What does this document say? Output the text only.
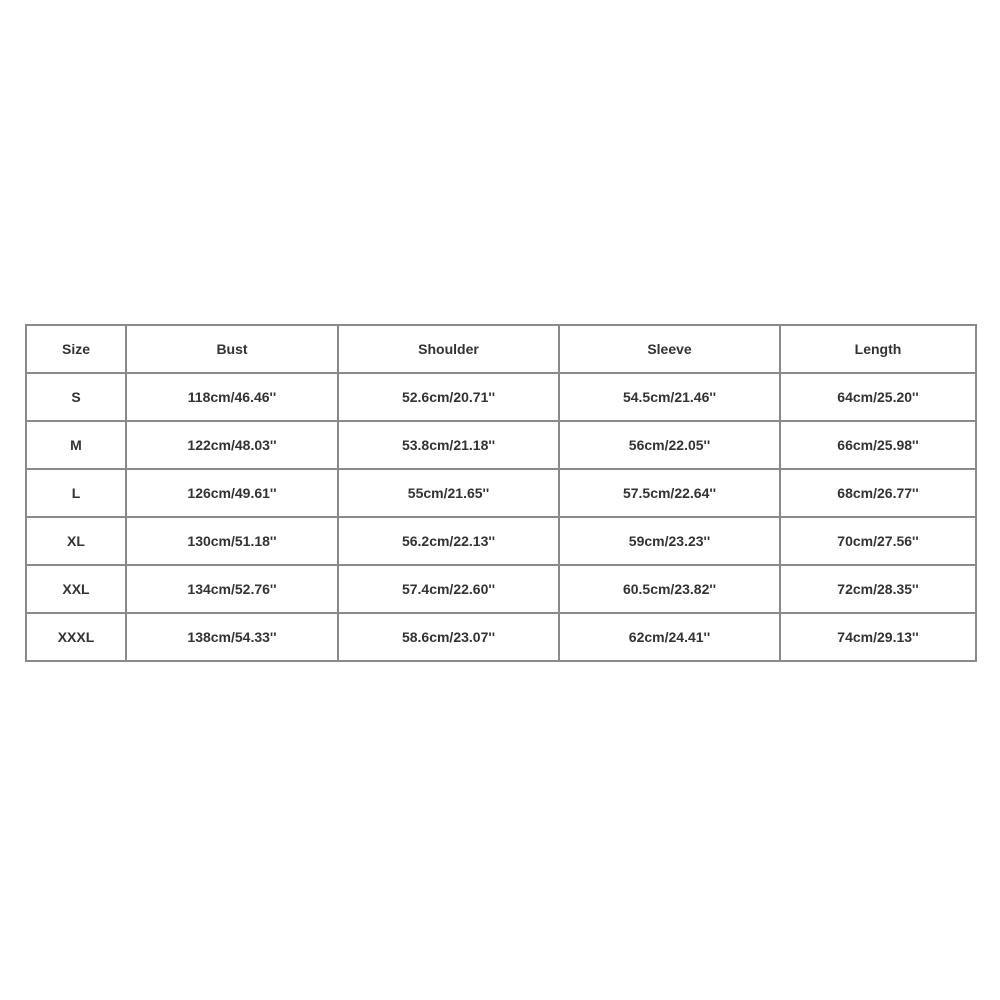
Size	Bust	Shoulder	Sleeve	Length
S	118cm/46.46''	52.6cm/20.71''	54.5cm/21.46''	64cm/25.20''
M	122cm/48.03''	53.8cm/21.18''	56cm/22.05''	66cm/25.98''
L	126cm/49.61''	55cm/21.65''	57.5cm/22.64''	68cm/26.77''
XL	130cm/51.18''	56.2cm/22.13''	59cm/23.23''	70cm/27.56''
XXL	134cm/52.76''	57.4cm/22.60''	60.5cm/23.82''	72cm/28.35''
XXXL	138cm/54.33''	58.6cm/23.07''	62cm/24.41''	74cm/29.13''
